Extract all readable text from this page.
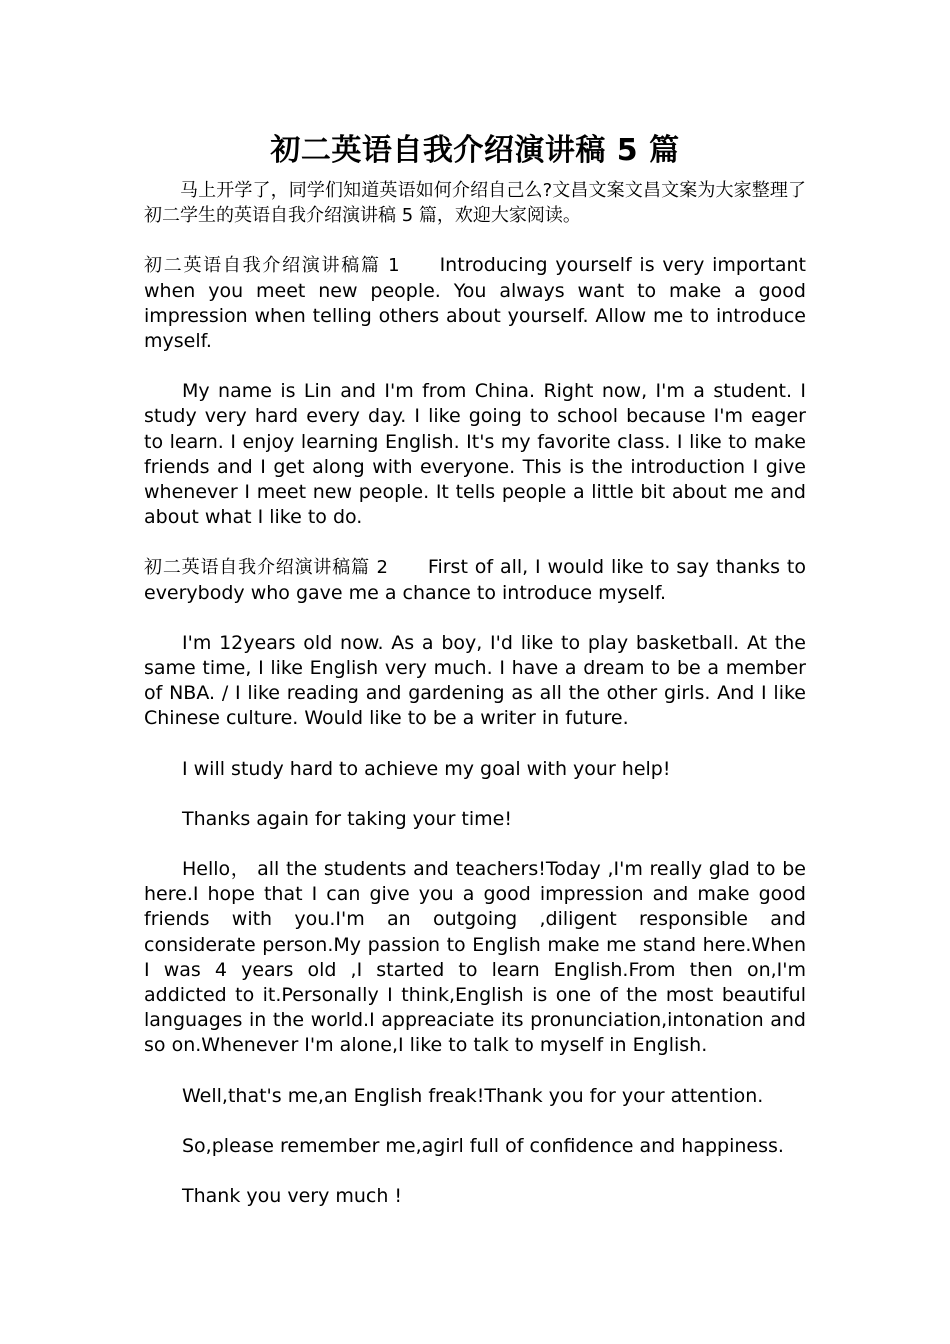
初二英语自我介绍演讲稿 5 篇

马上开学了，同学们知道英语如何介绍自己么?文昌文案文昌文案为大家整理了初二学生的英语自我介绍演讲稿 5 篇，欢迎大家阅读。

初二英语自我介绍演讲稿篇 1 Introducing yourself is very important when you meet new people. You always want to make a good impression when telling others about yourself. Allow me to introduce myself.

My name is Lin and I'm from China. Right now, I'm a student. I study very hard every day. I like going to school because I'm eager to learn. I enjoy learning English. It's my favorite class. I like to make friends and I get along with everyone. This is the introduction I give whenever I meet new people. It tells people a little bit about me and about what I like to do.

初二英语自我介绍演讲稿篇 2 First of all, I would like to say thanks to everybody who gave me a chance to introduce myself.

I'm 12years old now. As a boy, I'd like to play basketball. At the same time, I like English very much. I have a dream to be a member of NBA. / I like reading and gardening as all the other girls. And I like Chinese culture. Would like to be a writer in future.

I will study hard to achieve my goal with your help!

Thanks again for taking your time!

Hello， all the students and teachers!Today ,I'm really glad to be here.I hope that I can give you a good impression and make good friends with you.I'm an outgoing ,diligent responsible and considerate person.My passion to English make me stand here.When I was 4 years old ,I started to learn English.From then on,I'm addicted to it.Personally I think,English is one of the most beautiful languages in the world.I appreaciate its pronunciation,intonation and so on.Whenever I'm alone,I like to talk to myself in English.

Well,that's me,an English freak!Thank you for your attention.

So,please remember me,agirl full of confidence and happiness.

Thank you very much !
